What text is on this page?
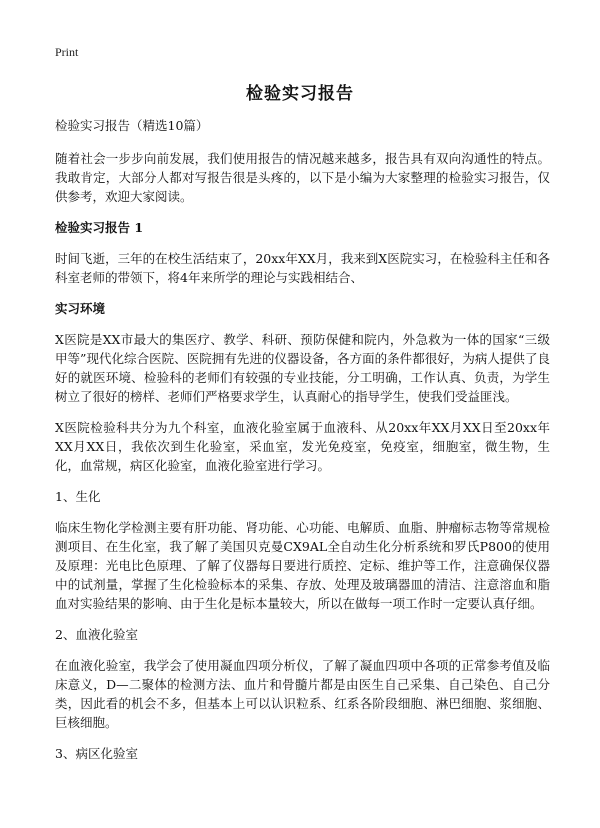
Print
检验实习报告

检验实习报告（精选10篇）

随着社会一步步向前发展，我们使用报告的情况越来越多，报告具有双向沟通性的特点。我敢肯定，大部分人都对写报告很是头疼的，以下是小编为大家整理的检验实习报告，仅供参考，欢迎大家阅读。

检验实习报告 1

时间飞逝，三年的在校生活结束了，20xx年XX月，我来到X医院实习，在检验科主任和各科室老师的带领下，将4年来所学的理论与实践相结合、

实习环境

X医院是XX市最大的集医疗、教学、科研、预防保健和院内，外急救为一体的国家“三级甲等”现代化综合医院、医院拥有先进的仪器设备，各方面的条件都很好，为病人提供了良好的就医环境、检验科的老师们有较强的专业技能，分工明确，工作认真、负责，为学生树立了很好的榜样、老师们严格要求学生，认真耐心的指导学生，使我们受益匪浅。

X医院检验科共分为九个科室，血液化验室属于血液科、从20xx年XX月XX日至20xx年XX月XX日，我依次到生化验室，采血室，发光免疫室，免疫室，细胞室，微生物，生化，血常规，病区化验室，血液化验室进行学习。

1、生化

临床生物化学检测主要有肝功能、肾功能、心功能、电解质、血脂、肿瘤标志物等常规检测项目、在生化室，我了解了美国贝克曼CX9AL全自动生化分析系统和罗氏P800的使用及原理：光电比色原理、了解了仪器每日要进行质控、定标、维护等工作，注意确保仪器中的试剂量，掌握了生化检验标本的采集、存放、处理及玻璃器皿的清洁、注意溶血和脂血对实验结果的影响、由于生化是标本量较大，所以在做每一项工作时一定要认真仔细。

2、血液化验室

在血液化验室，我学会了使用凝血四项分析仪，了解了凝血四项中各项的正常参考值及临床意义，D—二聚体的检测方法、血片和骨髓片都是由医生自己采集、自己染色、自己分类，因此看的机会不多，但基本上可以认识粒系、红系各阶段细胞、淋巴细胞、浆细胞、巨核细胞。

3、病区化验室
